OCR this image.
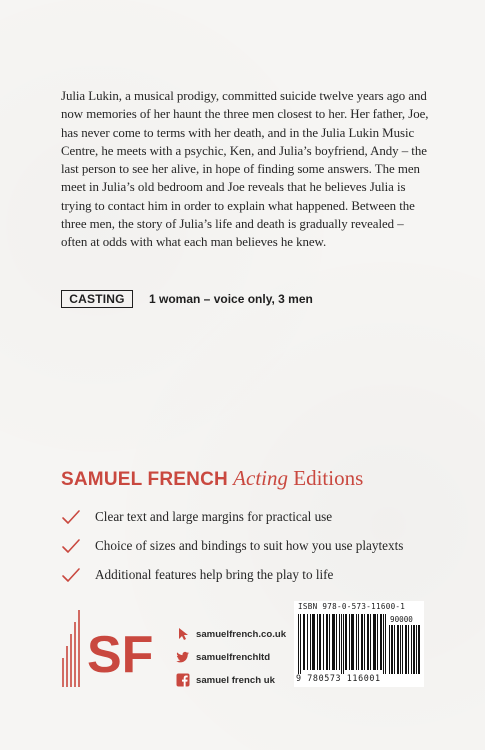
Julia Lukin, a musical prodigy, committed suicide twelve years ago and now memories of her haunt the three men closest to her. Her father, Joe, has never come to terms with her death, and in the Julia Lukin Music Centre, he meets with a psychic, Ken, and Julia’s boyfriend, Andy – the last person to see her alive, in hope of finding some answers. The men meet in Julia’s old bedroom and Joe reveals that he believes Julia is trying to contact him in order to explain what happened. Between the three men, the story of Julia’s life and death is gradually revealed – often at odds with what each man believes he knew.

CASTING	1 woman – voice only, 3 men
SAMUEL FRENCH Acting Editions
Clear text and large margins for practical use
Choice of sizes and bindings to suit how you use playtexts
Additional features help bring the play to life
SF	samuelfrench.co.uk
samuelfrenchltd
samuel french uk
ISBN 978-0-573-11600-1
90000
9 780573 116001
